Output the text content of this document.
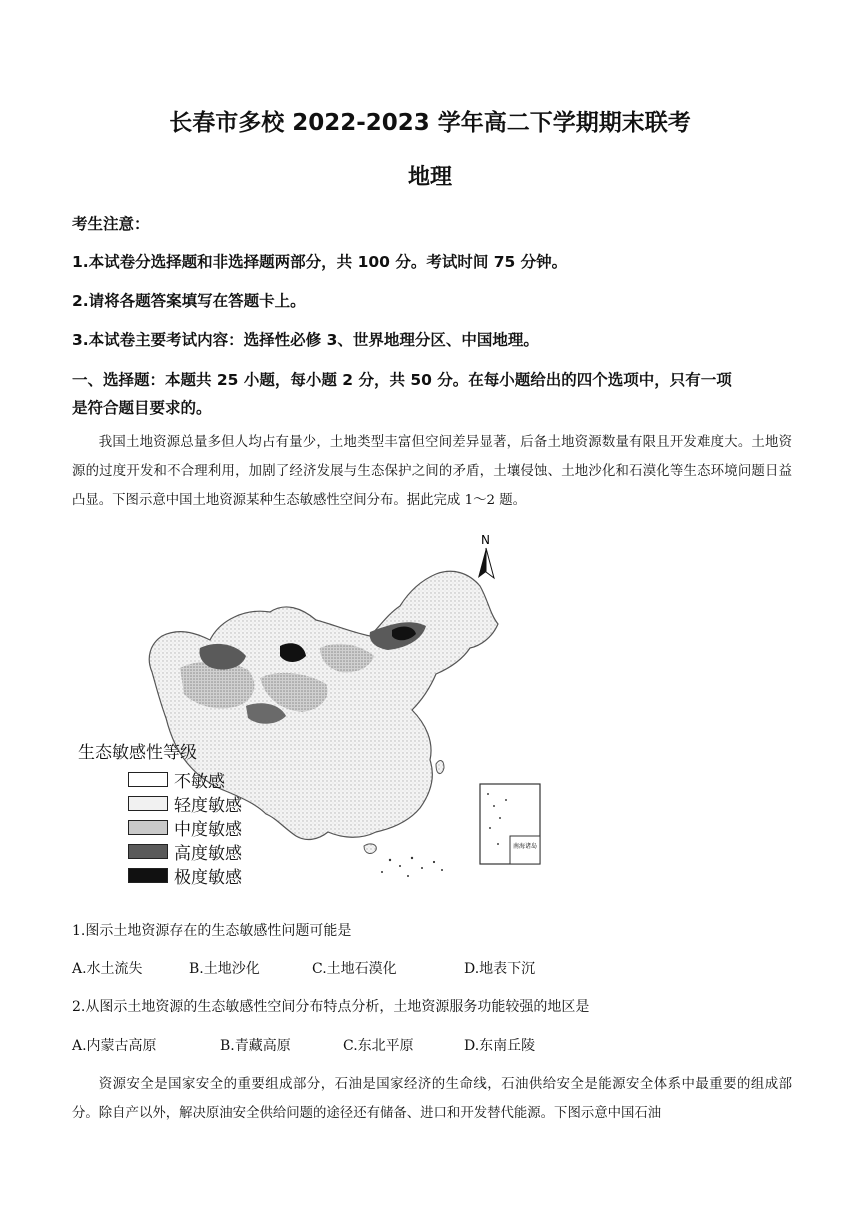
长春市多校 2022-2023 学年高二下学期期末联考
地理
考生注意：
1.本试卷分选择题和非选择题两部分，共 100 分。考试时间 75 分钟。
2.请将各题答案填写在答题卡上。
3.本试卷主要考试内容：选择性必修 3、世界地理分区、中国地理。
一、选择题：本题共 25 小题，每小题 2 分，共 50 分。在每小题给出的四个选项中，只有一项
是符合题目要求的。
我国土地资源总量多但人均占有量少，土地类型丰富但空间差异显著，后备土地资源数量有限且开发难度大。土地资源的过度开发和不合理利用，加剧了经济发展与生态保护之间的矛盾，土壤侵蚀、土地沙化和石漠化等生态环境问题日益凸显。下图示意中国土地资源某种生态敏感性空间分布。据此完成 1～2 题。
南海诸岛
N
生态敏感性等级
不敏感
轻度敏感
中度敏感
高度敏感
极度敏感
1.图示土地资源存在的生态敏感性问题可能是
A.水土流失	B.土地沙化	C.土地石漠化	D.地表下沉
2.从图示土地资源的生态敏感性空间分布特点分析，土地资源服务功能较强的地区是
A.内蒙古高原	B.青藏高原	C.东北平原	D.东南丘陵
资源安全是国家安全的重要组成部分，石油是国家经济的生命线，石油供给安全是能源安全体系中最重要的组成部分。除自产以外，解决原油安全供给问题的途径还有储备、进口和开发替代能源。下图示意中国石油
